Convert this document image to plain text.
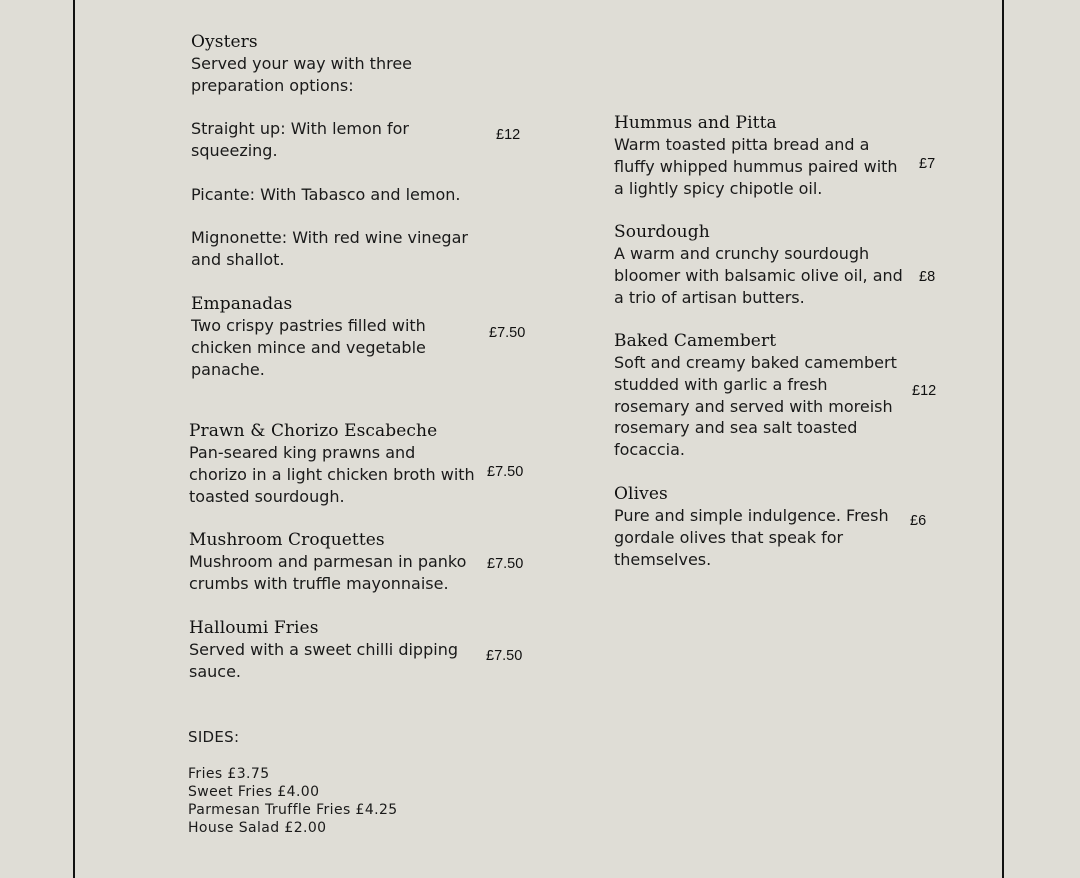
Oysters
Served your way with three
preparation options:

Straight up: With lemon for
squeezing.

Picante: With Tabasco and lemon.

Mignonette: With red wine vinegar
and shallot.
£12
Empanadas
Two crispy pastries filled with
chicken mince and vegetable
panache.
£7.50
Prawn & Chorizo Escabeche
Pan-seared king prawns and
chorizo in a light chicken broth with
toasted sourdough.
£7.50
Mushroom Croquettes
Mushroom and parmesan in panko
crumbs with truffle mayonnaise.
£7.50
Halloumi Fries
Served with a sweet chilli dipping
sauce.
£7.50
Hummus and Pitta
Warm toasted pitta bread and a
fluffy whipped hummus paired with
a lightly spicy chipotle oil.
£7
Sourdough
A warm and crunchy sourdough
bloomer with balsamic olive oil, and
a trio of artisan butters.
£8
Baked Camembert
Soft and creamy baked camembert
studded with garlic a fresh
rosemary and served with moreish
rosemary and sea salt toasted
focaccia.
£12
Olives
Pure and simple indulgence. Fresh
gordale olives that speak for
themselves.
£6
SIDES:
Fries £3.75
Sweet Fries £4.00
Parmesan Truffle Fries £4.25
House Salad £2.00
